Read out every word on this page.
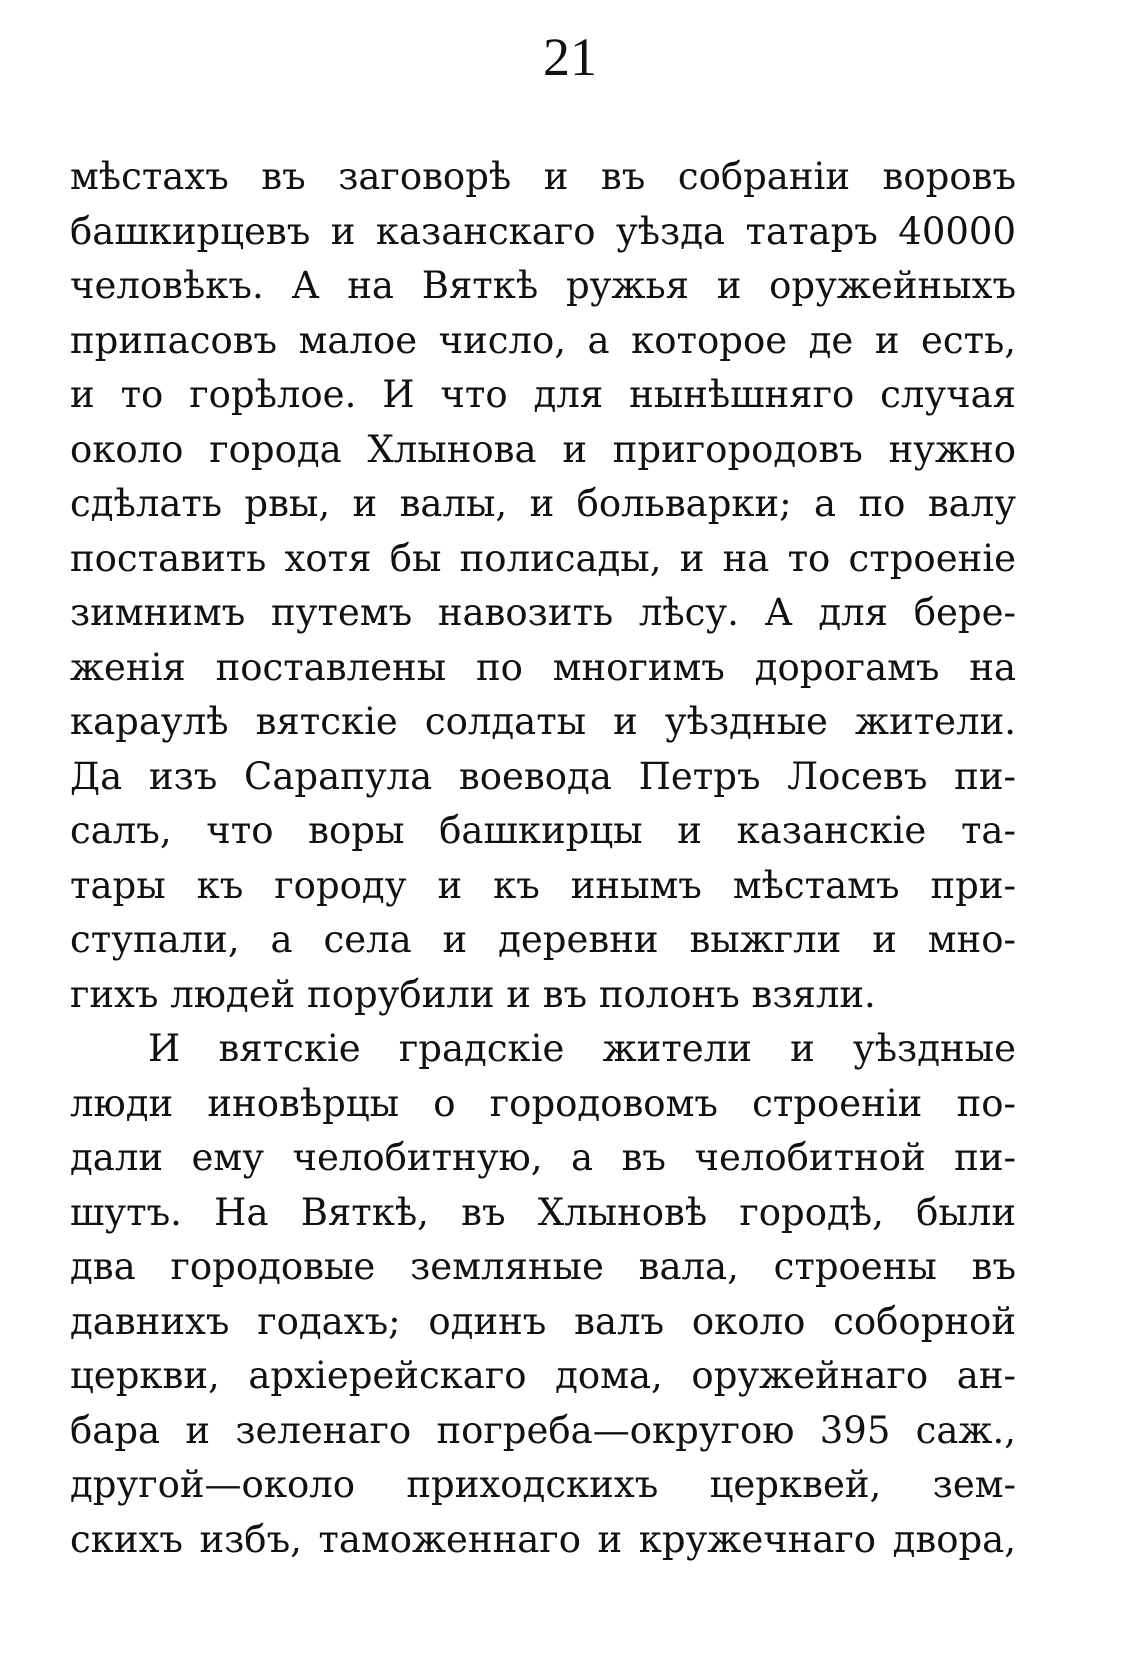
21
мѣстахъ въ заговорѣ и въ собраніи воровъ
башкирцевъ и казанскаго уѣзда татаръ 40000
человѣкъ. А на Вяткѣ ружья и оружейныхъ
припасовъ малое число, а которое де и есть,
и то горѣлое. И что для нынѣшняго случая
около города Хлынова и пригородовъ нужно
сдѣлать рвы, и валы, и больварки; а по валу
поставить хотя бы полисады, и на то строеніе
зимнимъ путемъ навозить лѣсу. А для бере-
женія поставлены по многимъ дорогамъ на
караулѣ вятскіе солдаты и уѣздные жители.
Да изъ Сарапула воевода Петръ Лосевъ пи-
салъ, что воры башкирцы и казанскіе та-
тары къ городу и къ инымъ мѣстамъ при-
ступали, а села и деревни выжгли и мно-
гихъ людей порубили и въ полонъ взяли.
И вятскіе градскіе жители и уѣздные
люди иновѣрцы о городовомъ строеніи по-
дали ему челобитную, а въ челобитной пи-
шутъ. На Вяткѣ, въ Хлыновѣ городѣ, были
два городовые земляные вала, строены въ
давнихъ годахъ; одинъ валъ около соборной
церкви, архіерейскаго дома, оружейнаго ан-
бара и зеленаго погреба—округою 395 саж.,
другой—около приходскихъ церквей, зем-
скихъ избъ, таможеннаго и кружечнаго двора,
